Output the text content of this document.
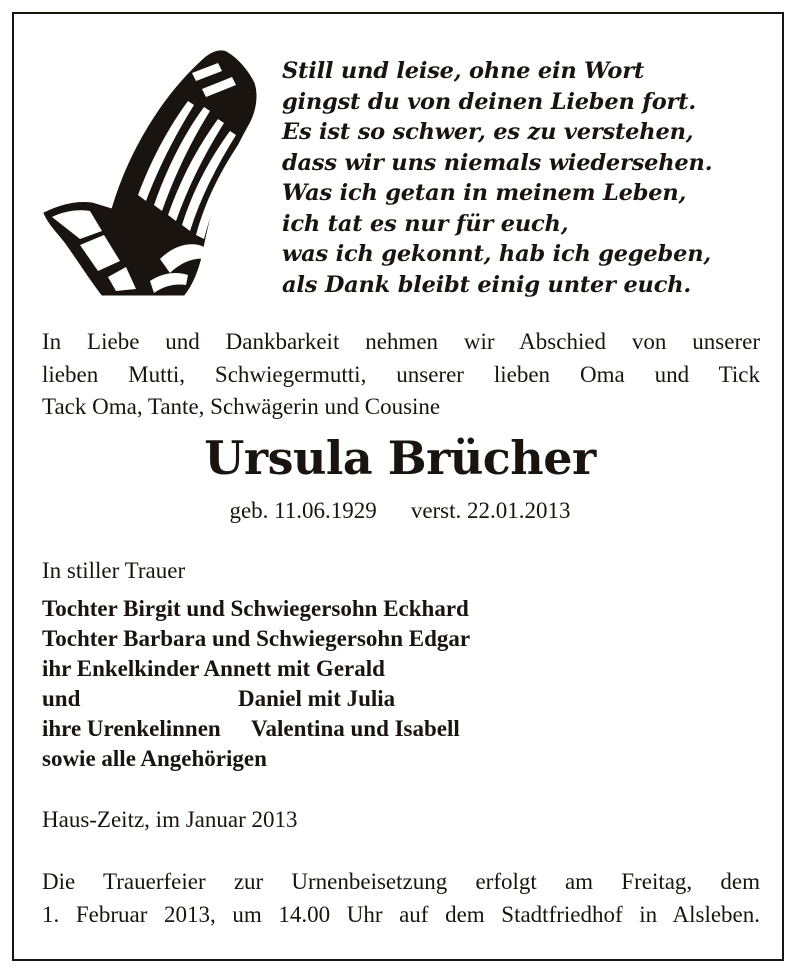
Still und leise, ohne ein Wort
gingst du von deinen Lieben fort.
Es ist so schwer, es zu verstehen,
dass wir uns niemals wiedersehen.
Was ich getan in meinem Leben,
ich tat es nur für euch,
was ich gekonnt, hab ich gegeben,
als Dank bleibt einig unter euch.
In Liebe und Dankbarkeit nehmen wir Abschied von unserer
lieben Mutti, Schwiegermutti, unserer lieben Oma und Tick
Tack Oma, Tante, Schwägerin und Cousine
Ursula Brücher
geb. 11.06.1929 verst. 22.01.2013
In stiller Trauer
Tochter Birgit und Schwiegersohn Eckhard
Tochter Barbara und Schwiegersohn Edgar
ihr Enkelkinder Annett mit Gerald
und	Daniel mit Julia
ihre Urenkelinnen Valentina und Isabell
sowie alle Angehörigen
Haus-Zeitz, im Januar 2013
Die Trauerfeier zur Urnenbeisetzung erfolgt am Freitag, dem
1. Februar 2013, um 14.00 Uhr auf dem Stadtfriedhof in Alsleben.
